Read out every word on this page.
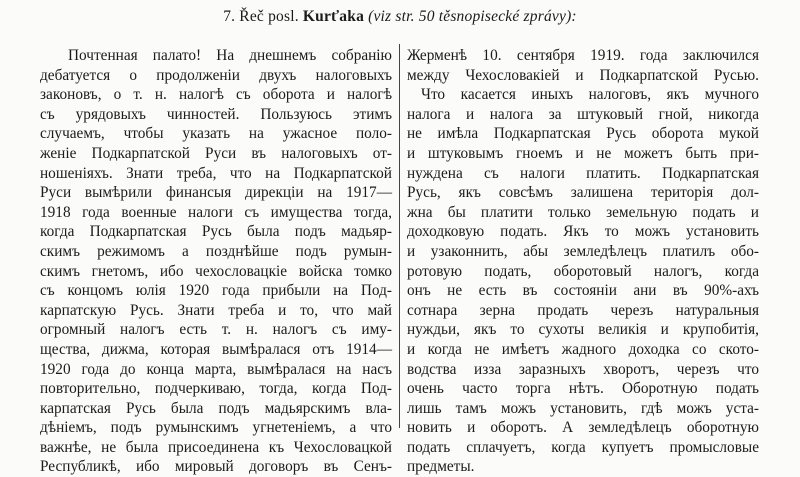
7. Řeč posl. Kurťaka (viz str. 50 těsnopisecké zprávy):
Почтенная палато! На днешнемъ собранію
дебатуется о продолженіи двухъ налоговыхъ
законовъ, о т. н. налогѣ съ оборота и налогѣ
съ урядовыхъ чинностей. Пользуюсь этимъ
случаемъ, чтобы указать на ужасное поло-
женіе Подкарпатской Руси въ налоговыхъ от-
ношеніяхъ. Знати треба, что на Подкарпатской
Руси вымѣрили финансыя дирекціи на 1917—
1918 года военные налоги съ имущества тогда,
когда Подкарпатская Русь была подъ мадьяр-
скимъ режимомъ а позднѣйше подъ румын-
скимъ гнетомъ, ибо чехословацкіе войска томко
съ концомъ юлія 1920 года прибыли на Под-
карпатскую Русь. Знати треба и то, что май
огромный налогъ есть т. н. налогъ съ иму-
щества, дижма, которая вымѣралася отъ 1914—
1920 года до конца марта, вымѣралася на насъ
повторительно, подчеркиваю, тогда, когда Под-
карпатская Русь была подъ мадьярскимъ вла-
дѣніемъ, подъ румынскимъ угнетеніемъ, а что
важнѣе, не была присоединена къ Чехословацкой
Республикѣ, ибо мировый договоръ въ Сенъ-
Жерменѣ 10. сентября 1919. года заключился
между Чехословакіей и Подкарпатской Русью.
Что касается иныхъ налоговъ, якъ мучного
налога и налога за штуковый гной, никогда
не имѣла Подкарпатская Русь оборота мукой
и штуковымъ гноемъ и не можетъ быть при-
нуждена съ налоги платить. Подкарпатская
Русь, якъ совсѣмъ залишена територія дол-
жна бы платити только земельную подать и
доходковую подать. Якъ то можъ установить
и узаконнить, абы земледѣлецъ платилъ обо-
ротовую подать, оборотовый налогъ, когда
онъ не есть въ состояніи ани въ 90%-ахъ
сотнара зерна продать черезъ натуральныя
нуждьи, якъ то сухоты великія и крупобитія,
и когда не имѣетъ жадного доходка со ското-
водства изза заразныхъ хворотъ, черезъ что
очень часто торга нѣтъ. Оборотную подать
лишь тамъ можъ установить, гдѣ можъ уста-
новить и оборотъ. А земледѣлецъ оборотную
подать сплачуетъ, когда купуетъ промысловые
предметы.
